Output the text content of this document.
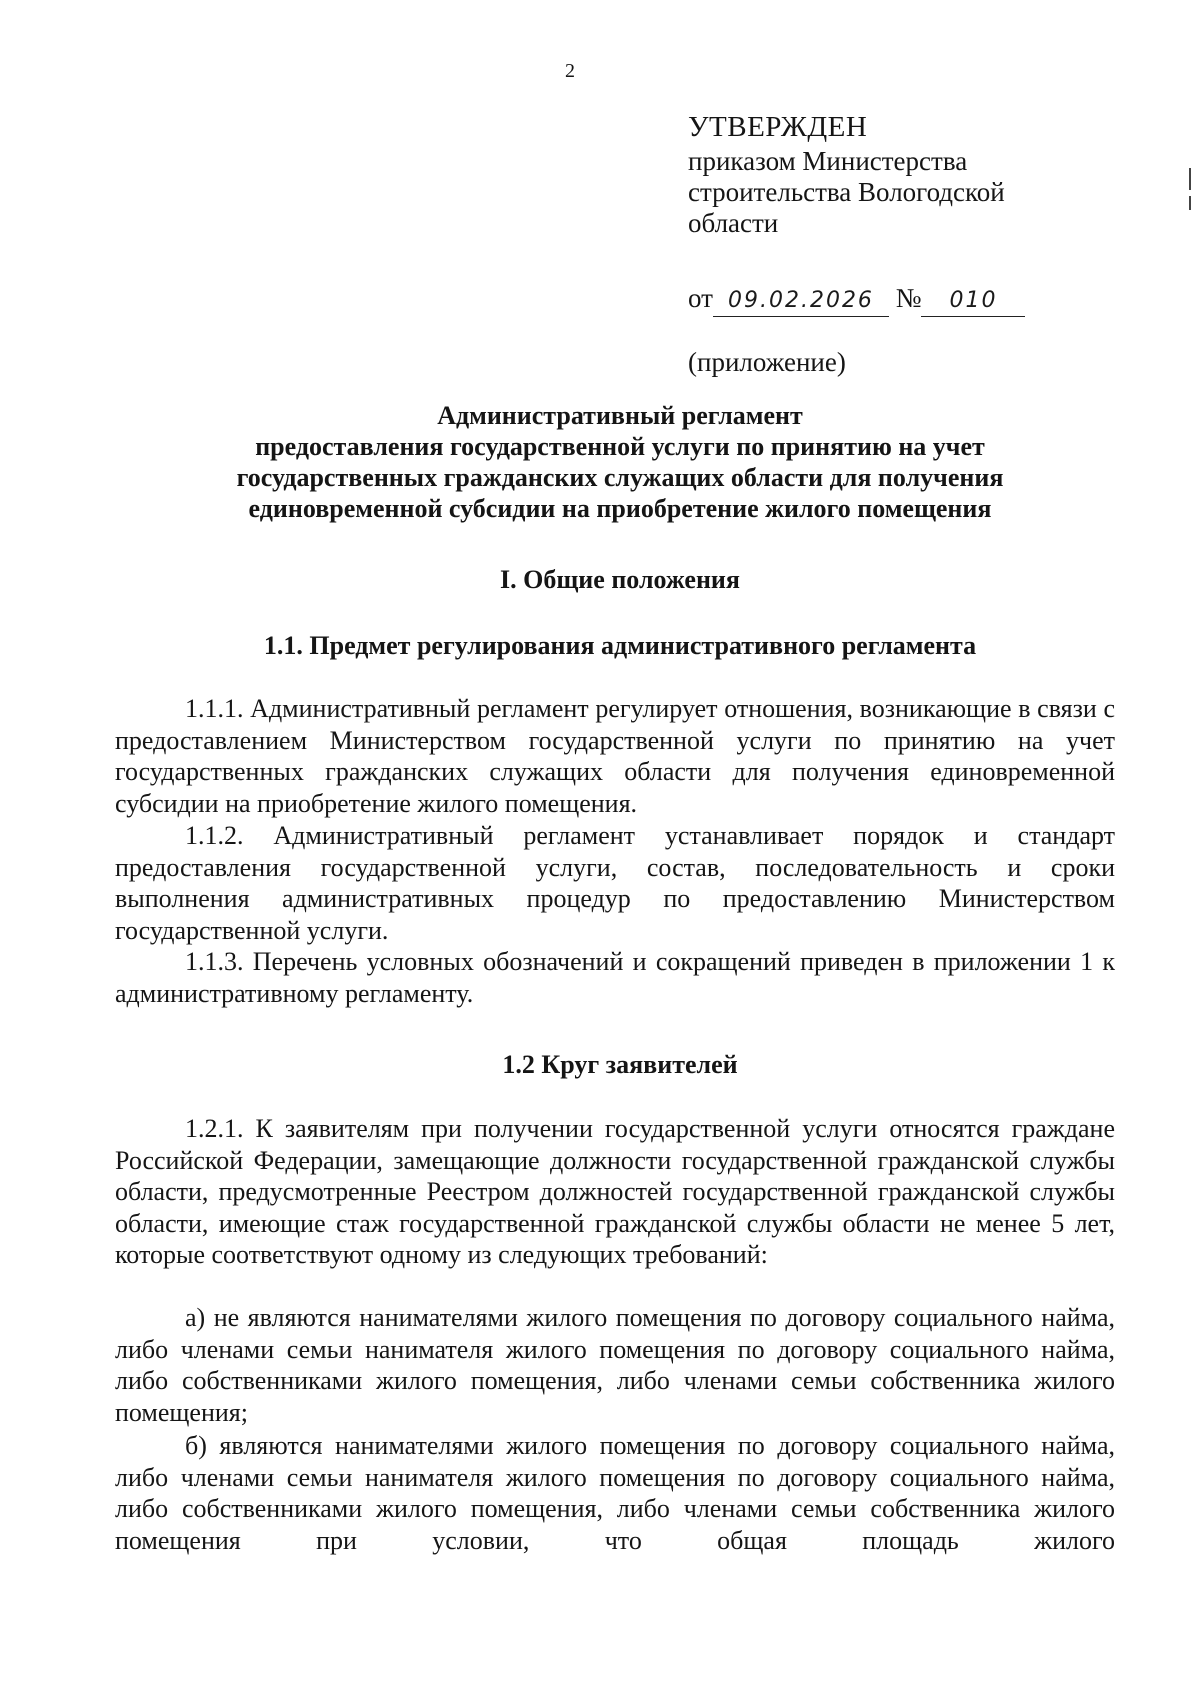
2
УТВЕРЖДЕН
приказом Министерства
строительства Вологодской
области
от 09.02.2026 № 010
(приложение)
Административный регламент
предоставления государственной услуги по принятию на учет
государственных гражданских служащих области для получения
единовременной субсидии на приобретение жилого помещения
I. Общие положения
1.1. Предмет регулирования административного регламента

1.1.1. Административный регламент регулирует отношения, возникающие в связи с предоставлением Министерством государственной услуги по принятию на учет государственных гражданских служащих области для получения единовременной субсидии на приобретение жилого помещения.

1.1.2. Административный регламент устанавливает порядок и стандарт предоставления государственной услуги, состав, последовательность и сроки выполнения административных процедур по предоставлению Министерством государственной услуги.

1.1.3. Перечень условных обозначений и сокращений приведен в приложении 1 к административному регламенту.

1.2 Круг заявителей

1.2.1. К заявителям при получении государственной услуги относятся граждане Российской Федерации, замещающие должности государственной гражданской службы области, предусмотренные Реестром должностей государственной гражданской службы области, имеющие стаж государственной гражданской службы области не менее 5 лет, которые соответствуют одному из следующих требований:

а) не являются нанимателями жилого помещения по договору социального найма, либо членами семьи нанимателя жилого помещения по договору социального найма, либо собственниками жилого помещения, либо членами семьи собственника жилого помещения;

б) являются нанимателями жилого помещения по договору социального найма, либо членами семьи нанимателя жилого помещения по договору социального найма, либо собственниками жилого помещения, либо членами семьи собственника жилого помещения при условии, что общая площадь жилого
